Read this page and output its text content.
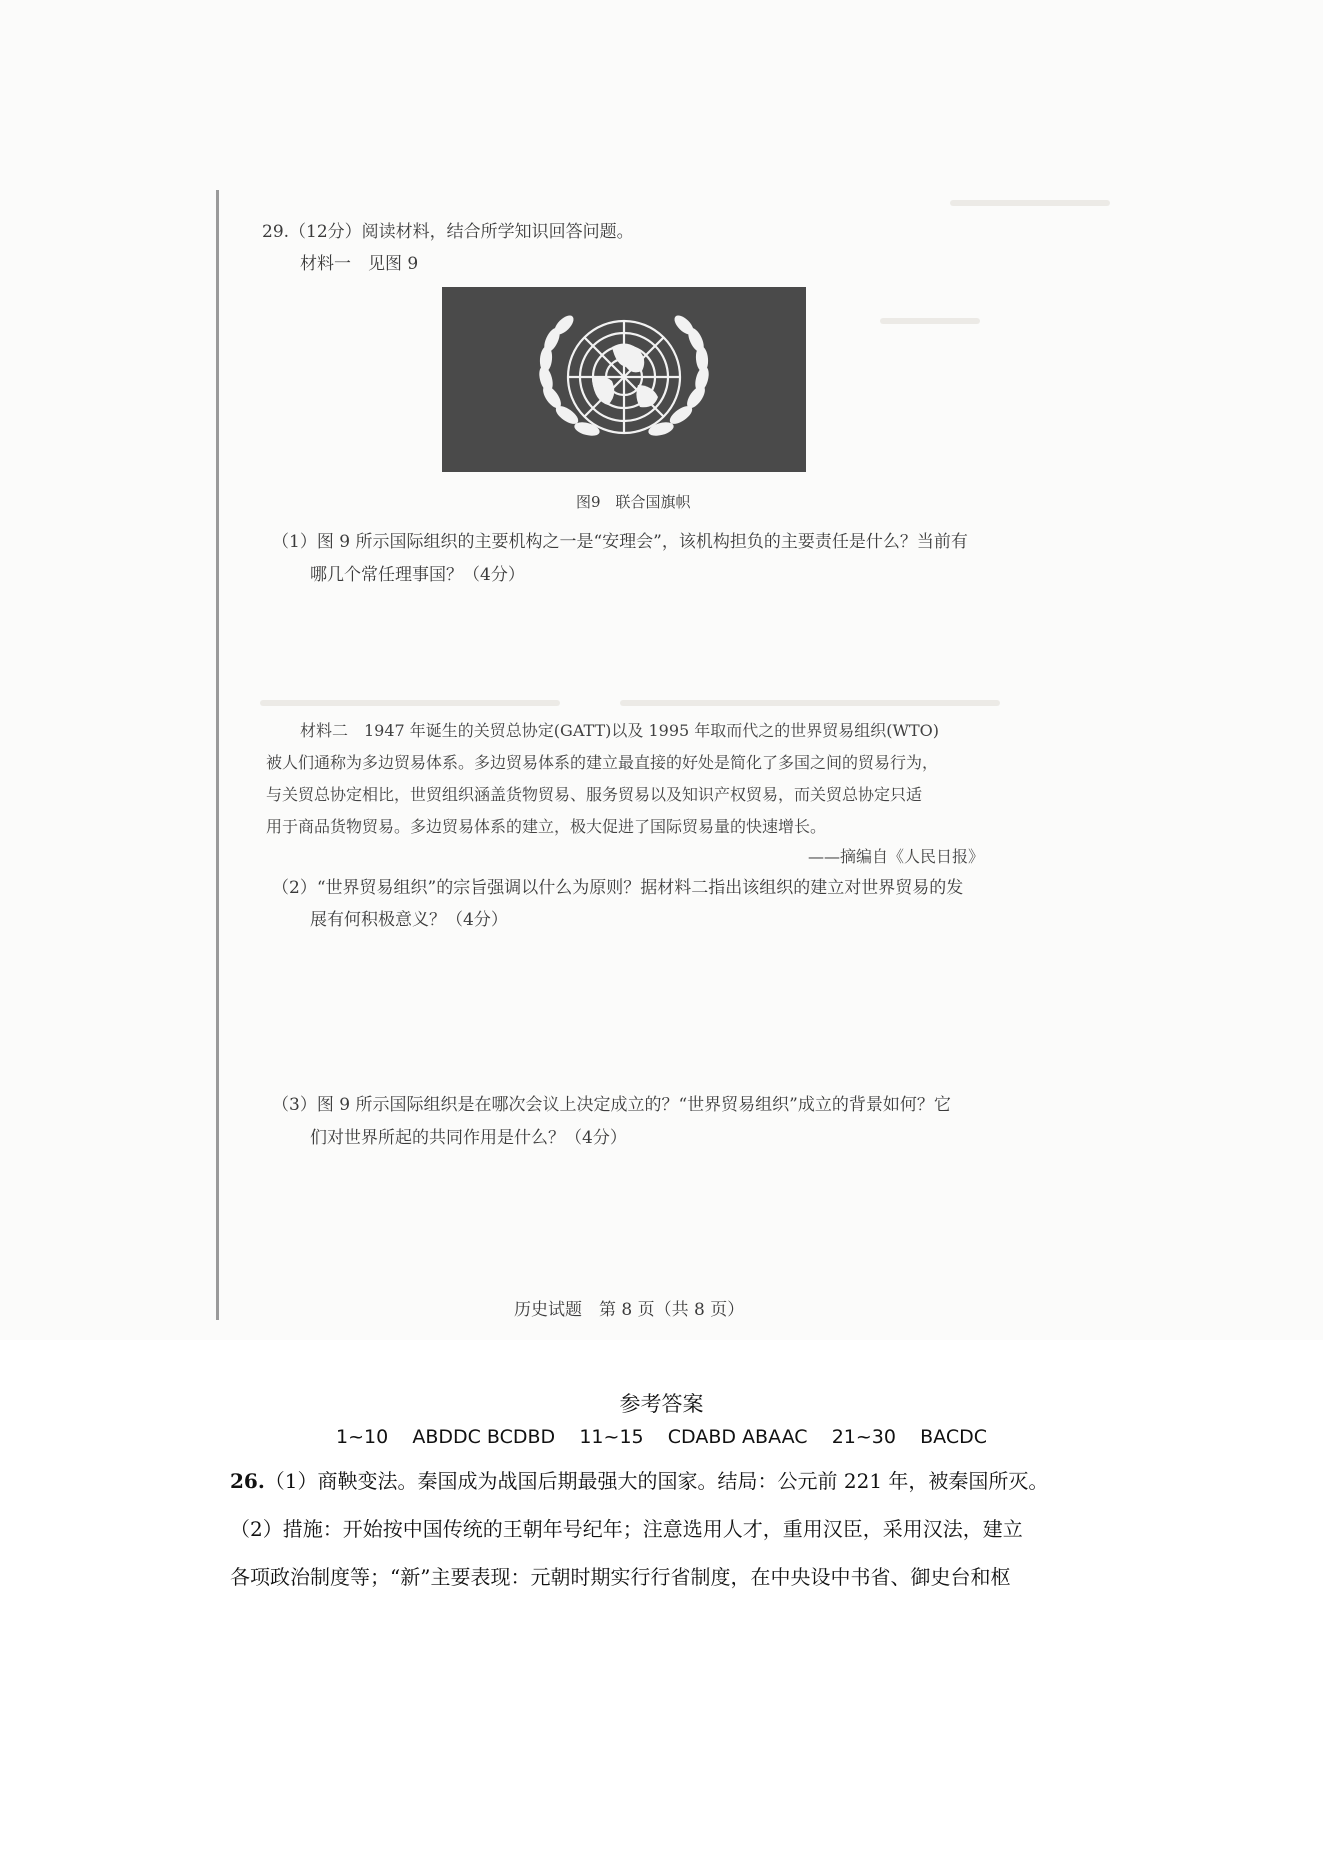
29.（12分）阅读材料，结合所学知识回答问题。
材料一　见图 9
图9　联合国旗帜
（1）图 9 所示国际组织的主要机构之一是“安理会”，该机构担负的主要责任是什么？当前有
哪几个常任理事国？（4分）
材料二　1947 年诞生的关贸总协定(GATT)以及 1995 年取而代之的世界贸易组织(WTO)
被人们通称为多边贸易体系。多边贸易体系的建立最直接的好处是简化了多国之间的贸易行为，
与关贸总协定相比，世贸组织涵盖货物贸易、服务贸易以及知识产权贸易，而关贸总协定只适
用于商品货物贸易。多边贸易体系的建立，极大促进了国际贸易量的快速增长。
——摘编自《人民日报》
（2）“世界贸易组织”的宗旨强调以什么为原则？据材料二指出该组织的建立对世界贸易的发
展有何积极意义？（4分）
（3）图 9 所示国际组织是在哪次会议上决定成立的？“世界贸易组织”成立的背景如何？它
们对世界所起的共同作用是什么？（4分）
历史试题　第 8 页（共 8 页）
参考答案
1~10    ABDDC BCDBD    11~15    CDABD ABAAC    21~30    BACDC
26.（1）商鞅变法。秦国成为战国后期最强大的国家。结局：公元前 221 年，被秦国所灭。
（2）措施：开始按中国传统的王朝年号纪年；注意选用人才，重用汉臣，采用汉法，建立
各项政治制度等；“新”主要表现：元朝时期实行行省制度，在中央设中书省、御史台和枢
